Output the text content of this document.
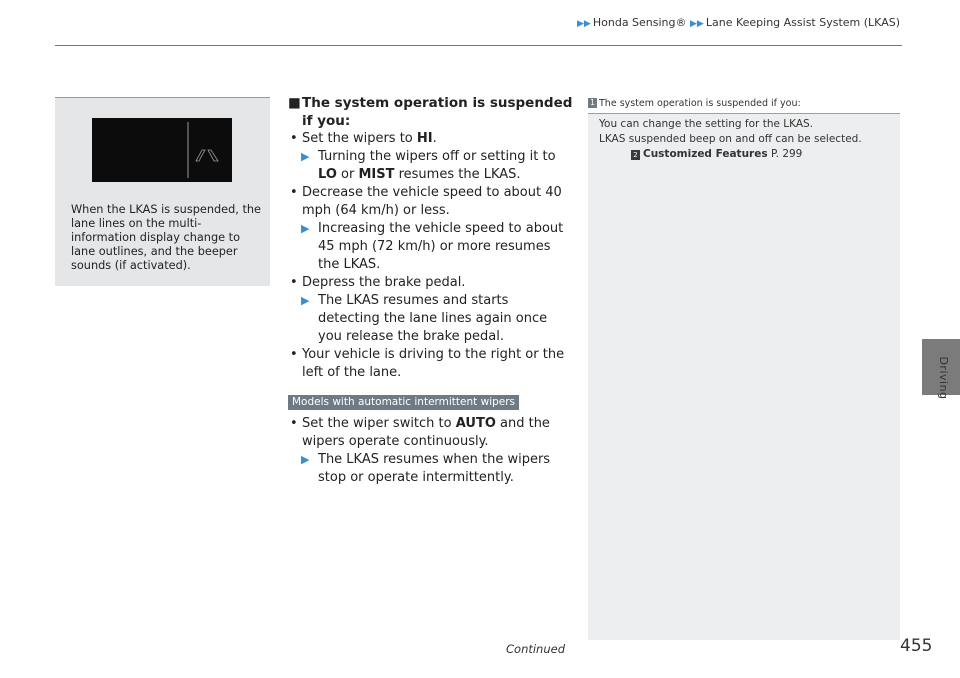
▶▶ Honda Sensing® ▶▶ Lane Keeping Assist System (LKAS)
Driving
When the LKAS is suspended, the lane lines on the multi-information display change to lane outlines, and the beeper sounds (if activated).
■ The system operation is suspended if you:
• Set the wipers to HI.
▶ Turning the wipers off or setting it to LO or MIST resumes the LKAS.
• Decrease the vehicle speed to about 40 mph (64 km/h) or less.
▶ Increasing the vehicle speed to about 45 mph (72 km/h) or more resumes the LKAS.
• Depress the brake pedal.
▶ The LKAS resumes and starts detecting the lane lines again once you release the brake pedal.
• Your vehicle is driving to the right or the left of the lane.
Models with automatic intermittent wipers
• Set the wiper switch to AUTO and the wipers operate continuously.
▶ The LKAS resumes when the wipers stop or operate intermittently.
1 The system operation is suspended if you:
You can change the setting for the LKAS.
LKAS suspended beep on and off can be selected.
2 Customized Features P. 299
Continued	455
